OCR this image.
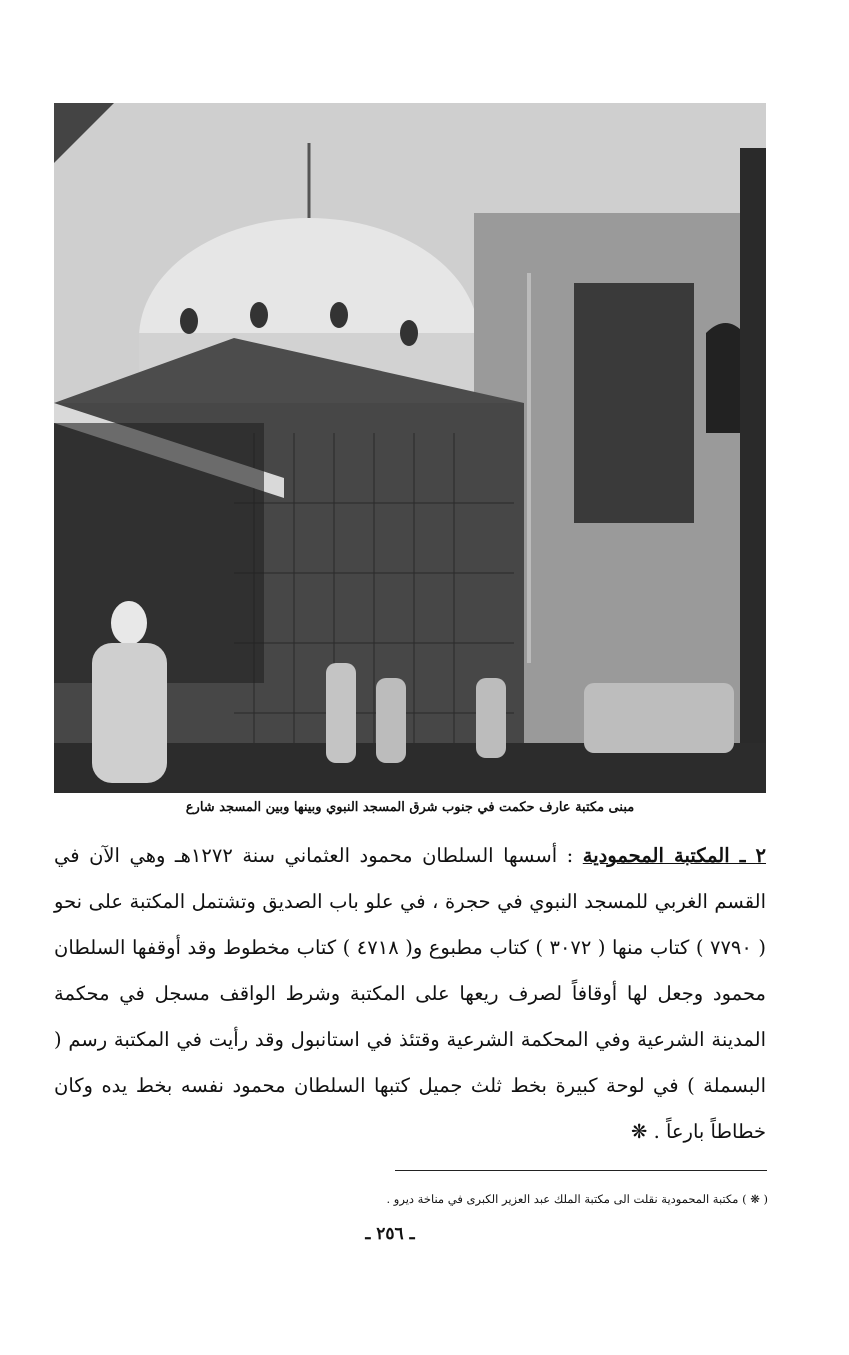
مبنى مكتبة عارف حكمت في جنوب شرق المسجد النبوي وبينها وبين المسجد شارع

٢ ـ المكتبة المحمودية : أسسها السلطان محمود العثماني سنة ١٢٧٢هـ وهي الآن في القسم الغربي للمسجد النبوي في حجرة ، في علو باب الصديق وتشتمل المكتبة على نحو ( ٧٧٩٠ ) كتاب منها ( ٣٠٧٢ ) كتاب مطبوع و( ٤٧١٨ ) كتاب مخطوط وقد أوقفها السلطان محمود وجعل لها أوقافاً لصرف ريعها على المكتبة وشرط الواقف مسجل في محكمة المدينة الشرعية وفي المحكمة الشرعية وقتئذ في استانبول وقد رأيت في المكتبة رسم ( البسملة ) في لوحة كبيرة بخط ثلث جميل كتبها السلطان محمود نفسه بخط يده وكان خطاطاً بارعاً . ❋

( ❋ ) مكتبة المحمودية نقلت الى مكتبة الملك عبد العزير الكبرى في مناخة ديرو .
ـ ٢٥٦ ـ
